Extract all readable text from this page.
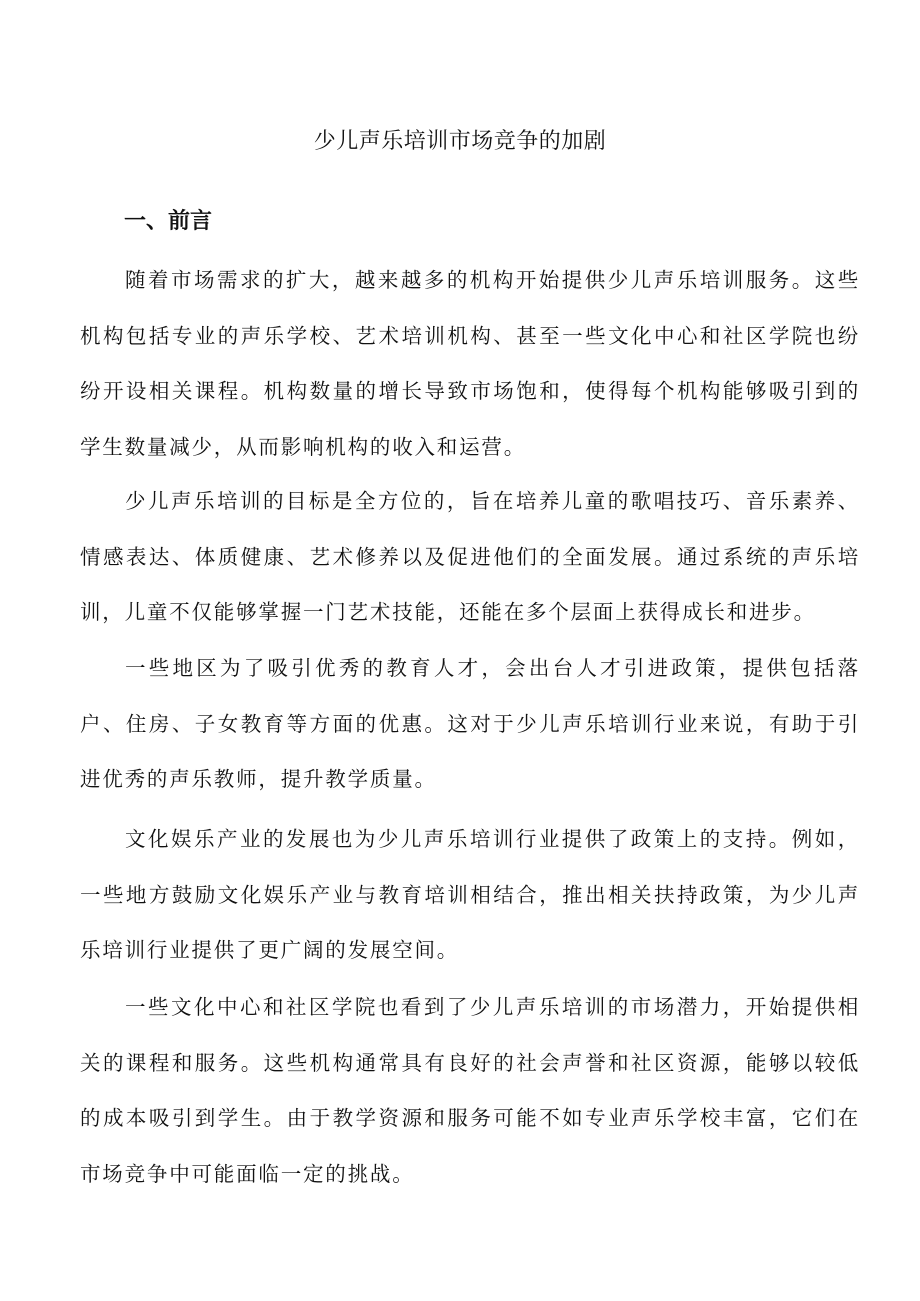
少儿声乐培训市场竞争的加剧
一、前言

随着市场需求的扩大，越来越多的机构开始提供少儿声乐培训服务。这些机构包括专业的声乐学校、艺术培训机构、甚至一些文化中心和社区学院也纷纷开设相关课程。机构数量的增长导致市场饱和，使得每个机构能够吸引到的学生数量减少，从而影响机构的收入和运营。

少儿声乐培训的目标是全方位的，旨在培养儿童的歌唱技巧、音乐素养、情感表达、体质健康、艺术修养以及促进他们的全面发展。通过系统的声乐培训，儿童不仅能够掌握一门艺术技能，还能在多个层面上获得成长和进步。

一些地区为了吸引优秀的教育人才，会出台人才引进政策，提供包括落户、住房、子女教育等方面的优惠。这对于少儿声乐培训行业来说，有助于引进优秀的声乐教师，提升教学质量。

文化娱乐产业的发展也为少儿声乐培训行业提供了政策上的支持。例如，一些地方鼓励文化娱乐产业与教育培训相结合，推出相关扶持政策，为少儿声乐培训行业提供了更广阔的发展空间。

一些文化中心和社区学院也看到了少儿声乐培训的市场潜力，开始提供相关的课程和服务。这些机构通常具有良好的社会声誉和社区资源，能够以较低的成本吸引到学生。由于教学资源和服务可能不如专业声乐学校丰富，它们在市场竞争中可能面临一定的挑战。
